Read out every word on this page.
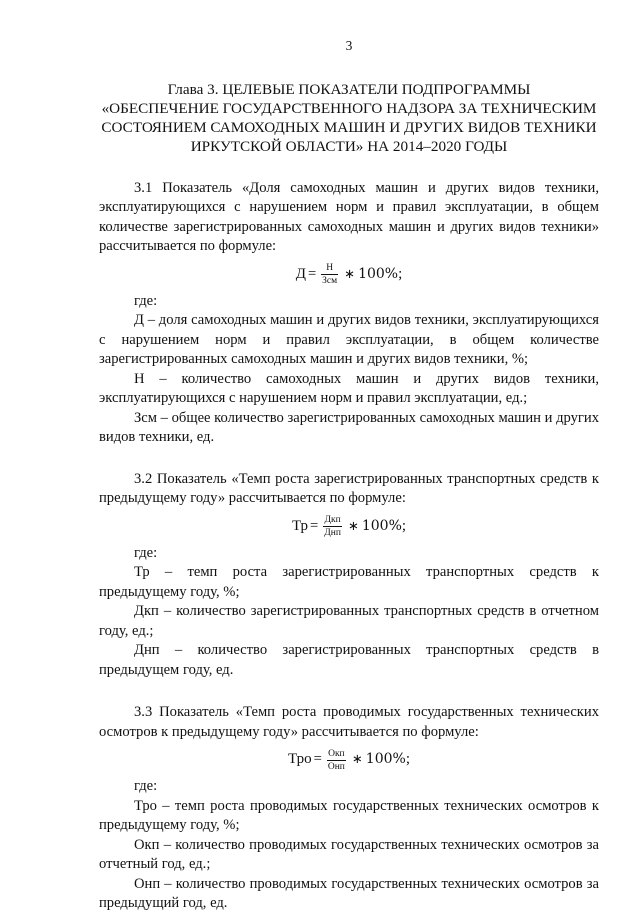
3
Глава 3. ЦЕЛЕВЫЕ ПОКАЗАТЕЛИ ПОДПРОГРАММЫ
«ОБЕСПЕЧЕНИЕ ГОСУДАРСТВЕННОГО НАДЗОРА ЗА ТЕХНИЧЕСКИМ
СОСТОЯНИЕМ САМОХОДНЫХ МАШИН И ДРУГИХ ВИДОВ ТЕХНИКИ
ИРКУТСКОЙ ОБЛАСТИ» НА 2014–2020 ГОДЫ

3.1 Показатель «Доля самоходных машин и других видов техники, эксплуатирующихся с нарушением норм и правил эксплуатации, в общем количестве зарегистрированных самоходных машин и других видов техники» рассчитывается по формуле:

$Д = \frac{Н}{\text{Зсм}}$ ∗ 100%;

где:

Д – доля самоходных машин и других видов техники, эксплуатирующихся с нарушением норм и правил эксплуатации, в общем количестве зарегистрированных самоходных машин и других видов техники, %;

Н – количество самоходных машин и других видов техники, эксплуатирующихся с нарушением норм и правил эксплуатации, ед.;

Зсм – общее количество зарегистрированных самоходных машин и других видов техники, ед.

3.2 Показатель «Темп роста зарегистрированных транспортных средств к предыдущему году» рассчитывается по формуле:

Тр = $\frac{\text{Дкп}}{\text{Днп}}$ ∗ 100%;

где:

Тр – темп роста зарегистрированных транспортных средств к предыдущему году, %;

Дкп – количество зарегистрированных транспортных средств в отчетном году, ед.;

Днп – количество зарегистрированных транспортных средств в предыдущем году, ед.

3.3 Показатель «Темп роста проводимых государственных технических осмотров к предыдущему году» рассчитывается по формуле:

Тро = $\frac{\text{Окп}}{\text{Онп}}$ ∗ 100%;

где:

Тро – темп роста проводимых государственных технических осмотров к предыдущему году, %;

Окп – количество проводимых государственных технических осмотров за отчетный год, ед.;

Онп – количество проводимых государственных технических осмотров за предыдущий год, ед.
